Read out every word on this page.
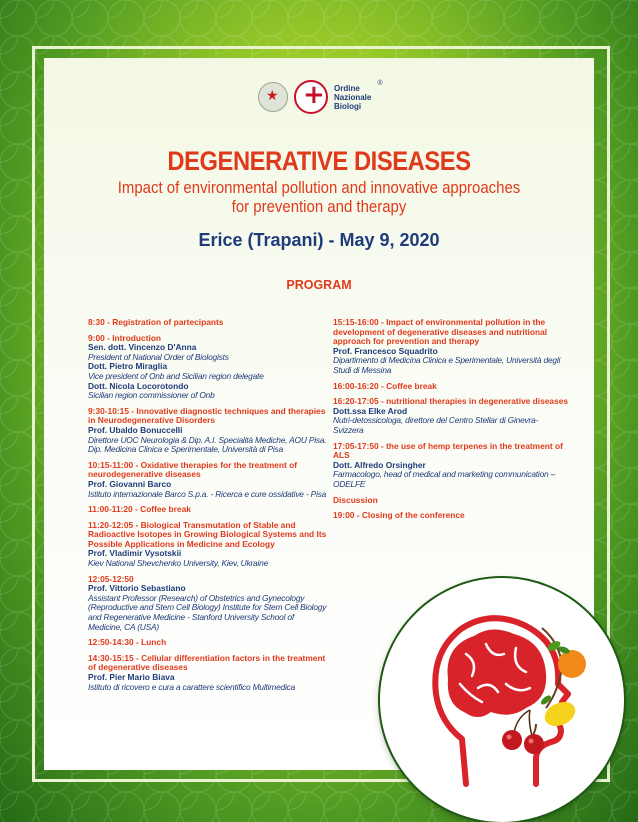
★
+
Ordine
Nazionale
Biologi
®
DEGENERATIVE DISEASES
Impact of environmental pollution and innovative approaches
for prevention and therapy
Erice (Trapani) - May 9, 2020
PROGRAM
8:30 - Registration of partecipants
9:00 - Introduction
Sen. dott. Vincenzo D'Anna
President of National Order of Biologists
Dott. Pietro Miraglia
Vice president of Onb and Sicilian region delegate
Dott. Nicola Locorotondo
Sicilian region commissioner of Onb
9:30-10:15 - Innovative diagnostic techniques and therapies in Neurodegenerative Disorders
Prof. Ubaldo Bonuccelli
Direttore UOC Neurologia & Dip. A.I. Specialità Mediche, AOU Pisa. Dip. Medicina Clinica e Sperimentale, Università di Pisa
10:15-11:00 - Oxidative therapies for the treatment of neurodegenerative diseases
Prof. Giovanni Barco
Istituto internazionale Barco S.p.a. - Ricerca e cure ossidative - Pisa
11:00-11:20 - Coffee break
11:20-12:05 - Biological Transmutation of Stable and Radioactive Isotopes in Growing Biological Systems and Its Possible Applications in Medicine and Ecology
Prof. Vladimir Vysotskii
Kiev National Shevchenko University, Kiev, Ukraine
12:05-12:50
Prof. Vittorio Sebastiano
Assistant Professor (Research) of Obstetrics and Gynecology (Reproductive and Stem Cell Biology) Institute for Stem Cell Biology and Regenerative Medicine - Stanford University School of Medicine, CA (USA)
12:50-14:30 - Lunch
14:30-15:15 - Cellular differentiation factors in the treatment of degenerative diseases
Prof. Pier Mario Biava
Istituto di ricovero e cura a carattere scientifico Multimedica
15:15-16:00 - Impact of environmental pollution in the development of degenerative diseases and nutritional approach for prevention and therapy
Prof. Francesco Squadrito
Dipartimento di Medicina Clinica e Sperimentale, Università degli Studi di Messina
16:00-16:20 - Coffee break
16:20-17:05 - nutritional therapies in degenerative diseases
Dott.ssa Elke Arod
Nutri-detossicologa, direttore del Centro Stellar di Ginevra- Svizzera
17:05-17:50 - the use of hemp terpenes in the treatment of ALS
Dott. Alfredo Orsingher
Farmacologo, head of medical and marketing communication – ODELFE
Discussion
19:00 - Closing of the conference
